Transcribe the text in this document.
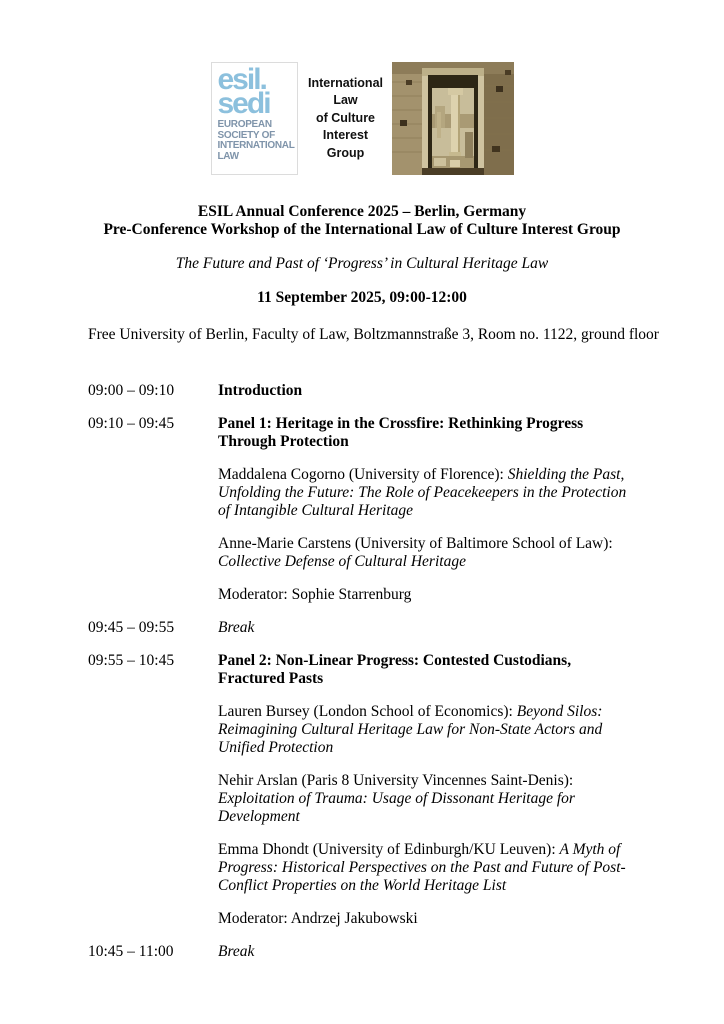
esil.
sedi
EUROPEAN
SOCIETY OF
INTERNATIONAL
LAW
International
Law
of Culture
Interest
Group
ESIL Annual Conference 2025 – Berlin, Germany
Pre-Conference Workshop of the International Law of Culture Interest Group
The Future and Past of ‘Progress’ in Cultural Heritage Law
11 September 2025, 09:00-12:00
Free University of Berlin, Faculty of Law, Boltzmannstraße 3, Room no. 1122, ground floor
09:00 – 09:10	Introduction

09:10 – 09:45	Panel 1: Heritage in the Crossfire: Rethinking Progress Through Protection

Maddalena Cogorno (University of Florence): Shielding the Past, Unfolding the Future: The Role of Peacekeepers in the Protection of Intangible Cultural Heritage

Anne-Marie Carstens (University of Baltimore School of Law): Collective Defense of Cultural Heritage

Moderator: Sophie Starrenburg

09:45 – 09:55	Break

09:55 – 10:45	Panel 2: Non-Linear Progress: Contested Custodians, Fractured Pasts

Lauren Bursey (London School of Economics): Beyond Silos: Reimagining Cultural Heritage Law for Non-State Actors and Unified Protection

Nehir Arslan (Paris 8 University Vincennes Saint-Denis): Exploitation of Trauma: Usage of Dissonant Heritage for Development

Emma Dhondt (University of Edinburgh/KU Leuven): A Myth of Progress: Historical Perspectives on the Past and Future of Post-Conflict Properties on the World Heritage List

Moderator: Andrzej Jakubowski

10:45 – 11:00	Break
